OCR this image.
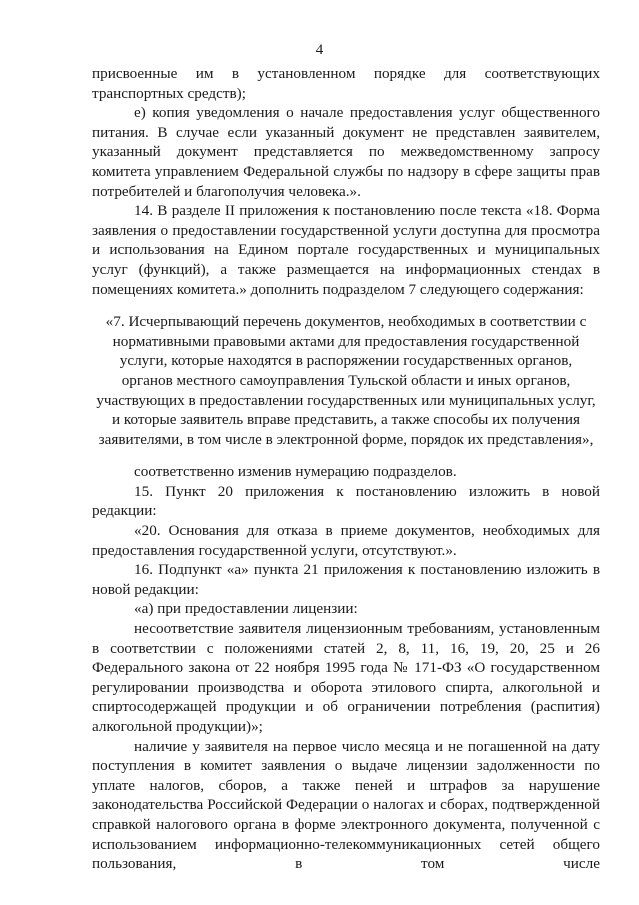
4

присвоенные им в установленном порядке для соответствующих транспортных средств);

е) копия уведомления о начале предоставления услуг общественного питания. В случае если указанный документ не представлен заявителем, указанный документ представляется по межведомственному запросу комитета управлением Федеральной службы по надзору в сфере защиты прав потребителей и благополучия человека.».

14. В разделе II приложения к постановлению после текста «18. Форма заявления о предоставлении государственной услуги доступна для просмотра и использования на Едином портале государственных и муниципальных услуг (функций), а также размещается на информационных стендах в помещениях комитета.» дополнить подразделом 7 следующего содержания:

«7. Исчерпывающий перечень документов, необходимых в соответствии с
нормативными правовыми актами для предоставления государственной
услуги, которые находятся в распоряжении государственных органов,
органов местного самоуправления Тульской области и иных органов,
участвующих в предоставлении государственных или муниципальных услуг,
и которые заявитель вправе представить, а также способы их получения
заявителями, в том числе в электронной форме, порядок их представления»,

соответственно изменив нумерацию подразделов.

15. Пункт 20 приложения к постановлению изложить в новой редакции:

«20. Основания для отказа в приеме документов, необходимых для предоставления государственной услуги, отсутствуют.».

16. Подпункт «а» пункта 21 приложения к постановлению изложить в новой редакции:

«а) при предоставлении лицензии:

несоответствие заявителя лицензионным требованиям, установленным в соответствии с положениями статей 2, 8, 11, 16, 19, 20, 25 и 26 Федерального закона от 22 ноября 1995 года № 171-ФЗ «О государственном регулировании производства и оборота этилового спирта, алкогольной и спиртосодержащей продукции и об ограничении потребления (распития) алкогольной продукции)»;

наличие у заявителя на первое число месяца и не погашенной на дату поступления в комитет заявления о выдаче лицензии задолженности по уплате налогов, сборов, а также пеней и штрафов за нарушение законодательства Российской Федерации о налогах и сборах, подтвержденной справкой налогового органа в форме электронного документа, полученной с использованием информационно-телекоммуникационных сетей общего пользования, в том числе
